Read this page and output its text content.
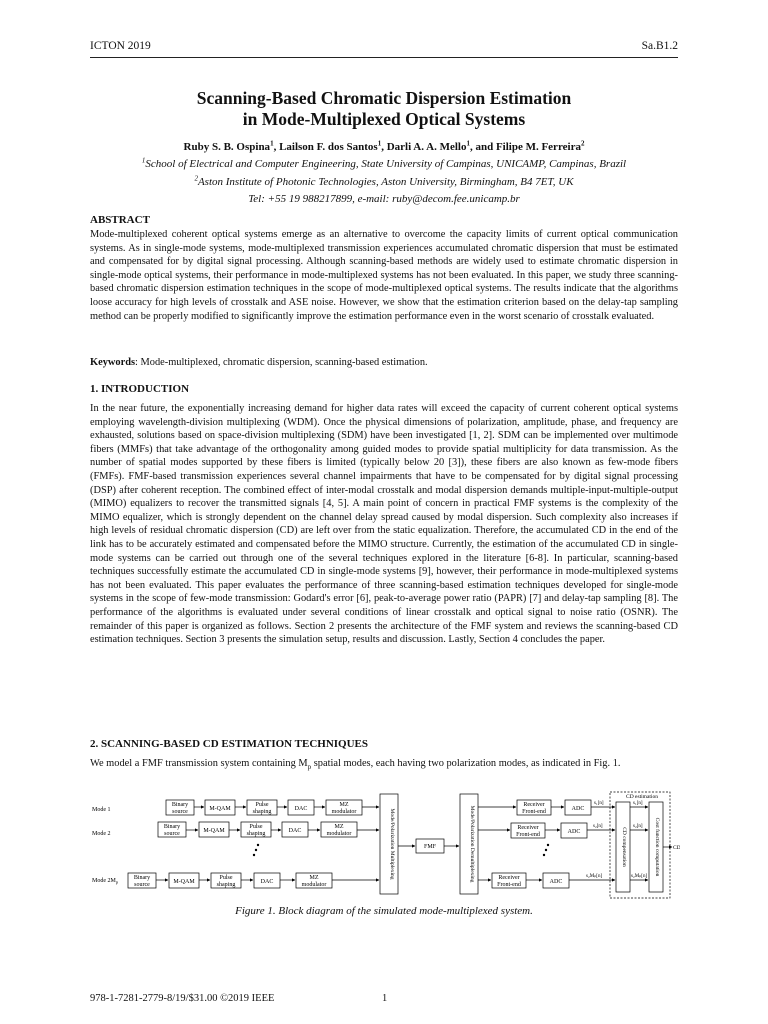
ICTON 2019	Sa.B1.2
Scanning-Based Chromatic Dispersion Estimation
in Mode-Multiplexed Optical Systems
Ruby S. B. Ospina$^1$, Lailson F. dos Santos$^1$, Darli A. A. Mello$^1$, and Filipe M. Ferreira$^2$
$^1$School of Electrical and Computer Engineering, State University of Campinas, UNICAMP, Campinas, Brazil
$^2$Aston Institute of Photonic Technologies, Aston University, Birmingham, B4 7ET, UK
Tel: +55 19 988217899, e-mail: ruby@decom.fee.unicamp.br
ABSTRACT
Mode-multiplexed coherent optical systems emerge as an alternative to overcome the capacity limits of current optical communication systems. As in single-mode systems, mode-multiplexed transmission experiences accumulated chromatic dispersion that must be estimated and compensated for by digital signal processing. Although scanning-based methods are widely used to estimate chromatic dispersion in single-mode optical systems, their performance in mode-multiplexed systems has not been evaluated. In this paper, we study three scanning-based chromatic dispersion estimation techniques in the scope of mode-multiplexed optical systems. The results indicate that the algorithms loose accuracy for high levels of crosstalk and ASE noise. However, we show that the estimation criterion based on the delay-tap sampling method can be properly modified to significantly improve the estimation performance even in the worst scenario of crosstalk evaluated.
Keywords: Mode-multiplexed, chromatic dispersion, scanning-based estimation.
1. INTRODUCTION
In the near future, the exponentially increasing demand for higher data rates will exceed the capacity of current coherent optical systems employing wavelength-division multiplexing (WDM). Once the physical dimensions of polarization, amplitude, phase, and frequency are exhausted, solutions based on space-division multiplexing (SDM) have been investigated [1, 2]. SDM can be implemented over multimode fibers (MMFs) that take advantage of the orthogonality among guided modes to provide spatial multiplicity for data transmission. As the number of spatial modes supported by these fibers is limited (typically below 20 [3]), these fibers are also known as few-mode fibers (FMFs). FMF-based transmission experiences several channel impairments that have to be compensated for by digital signal processing (DSP) after coherent reception. The combined effect of inter-modal crosstalk and modal dispersion demands multiple-input-multiple-output (MIMO) equalizers to recover the transmitted signals [4, 5]. A main point of concern in practical FMF systems is the complexity of the MIMO equalizer, which is strongly dependent on the channel delay spread caused by modal dispersion. Such complexity also increases if high levels of residual chromatic dispersion (CD) are left over from the static equalization. Therefore, the accumulated CD in the end of the link has to be accurately estimated and compensated before the MIMO structure. Currently, the estimation of the accumulated CD in single-mode systems can be carried out through one of the several techniques explored in the literature [6-8]. In particular, scanning-based techniques successfully estimate the accumulated CD in single-mode systems [9], however, their performance in mode-multiplexed systems has not been evaluated. This paper evaluates the performance of three scanning-based estimation techniques developed for single-mode systems in the scope of few-mode transmission: Godard's error [6], peak-to-average power ratio (PAPR) [7] and delay-tap sampling [8]. The performance of the algorithms is evaluated under several conditions of linear crosstalk and optical signal to noise ratio (OSNR). The remainder of this paper is organized as follows. Section 2 presents the architecture of the FMF system and reviews the scanning-based CD estimation techniques. Section 3 presents the simulation setup, results and discussion. Lastly, Section 4 concludes the paper.
2. SCANNING-BASED CD ESTIMATION TECHNIQUES
We model a FMF transmission system containing $M_p$ spatial modes, each having two polarization modes, as indicated in Fig. 1.
Mode 1
Mode 2
Mode $2M_p$
Binary
source	M-QAM
Pulse
shaping	DAC
MZ
modulator
Binary
source	M-QAM
Pulse
shaping	DAC
MZ
modulator
Binary
source	M-QAM
Pulse
shaping	DAC
MZ
modulator
Mode/Polarization Multiplexing	FMF	Mode/Polarization Demultiplexing
Receiver
Front-end	ADC
s₁[n]
Receiver
Front-end	ADC
s₂[n]
Receiver
Front-end	ADC
s₂Mₚ[n]
CD estimation
CD compensation
s₁[n]
s₂[n]
s₂Mₚ[n]
Cost function computation CD
Figure 1. Block diagram of the simulated mode-multiplexed system.
978-1-7281-2779-8/19/$31.00 ©2019 IEEE	1
